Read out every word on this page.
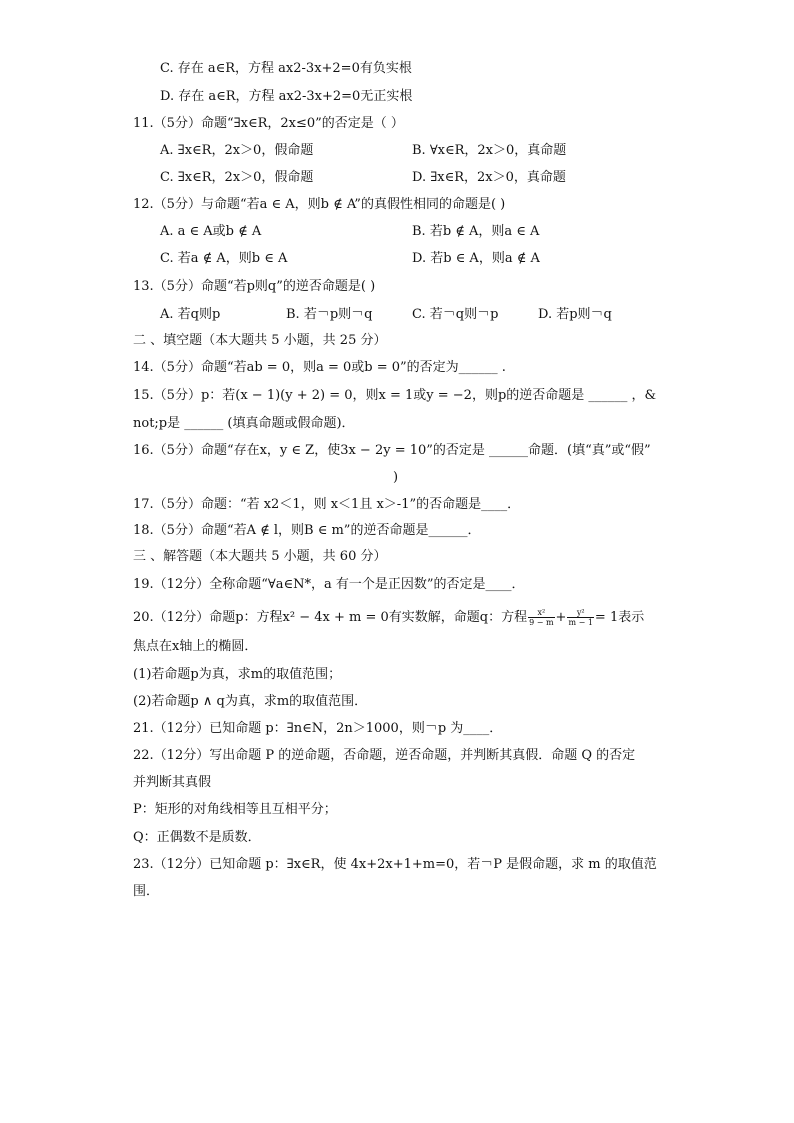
C. 存在 a∈R，方程 ax2-3x+2=0有负实根
D. 存在 a∈R，方程 ax2-3x+2=0无正实根
11.（5分）命题“∃x∈R，2x≤0”的否定是（ ）
A. ∃x∈R，2x＞0，假命题	B. ∀x∈R，2x＞0，真命题
C. ∃x∈R，2x＞0，假命题	D. ∃x∈R，2x＞0，真命题
12.（5分）与命题“若a ∈ A，则b ∉ A”的真假性相同的命题是( )
A. a ∈ A或b ∉ A	B. 若b ∉ A，则a ∈ A
C. 若a ∉ A，则b ∈ A	D. 若b ∈ A，则a ∉ A
13.（5分）命题“若p则q”的逆否命题是( )
A. 若q则p	B. 若￢p则￢q	C. 若￢q则￢p	D. 若p则￢q
二 、填空题（本大题共 5 小题，共 25 分）
14.（5分）命题“若ab = 0，则a = 0或b = 0”的否定为______ .
15.（5分）p：若(x − 1)(y + 2) = 0，则x = 1或y = −2，则p的逆否命题是 ______ ，&
not;p是 ______ (填真命题或假命题)．
16.（5分）命题“存在x，y ∈ Z，使3x − 2y = 10”的否定是 ______命题．(填“真”或“假”
)
17.（5分）命题：“若 x2＜1，则 x＜1且 x＞-1”的否命题是____．
18.（5分）命题“若A ∉ l，则B ∈ m”的逆否命题是______．
三 、解答题（本大题共 5 小题，共 60 分）
19.（12分）全称命题“∀a∈N*，a 有一个是正因数”的否定是____．
20.（12分）命题p：方程x² − 4x + m = 0有实数解，命题q：方程 $\frac{\text{x²}}{9 - m} + \frac{\text{y²}}{m - 1} = 1$表示
焦点在x轴上的椭圆．
(1)若命题p为真，求m的取值范围；
(2)若命题p ∧ q为真，求m的取值范围．
21.（12分）已知命题 p：∃n∈N，2n＞1000，则￢p 为____．
22.（12分）写出命题 P 的逆命题，否命题，逆否命题，并判断其真假．命题 Q 的否定
并判断其真假
P：矩形的对角线相等且互相平分；
Q：正偶数不是质数．
23.（12分）已知命题 p：∃x∈R，使 4x+2x+1+m=0，若￢P 是假命题，求 m 的取值范
围．
